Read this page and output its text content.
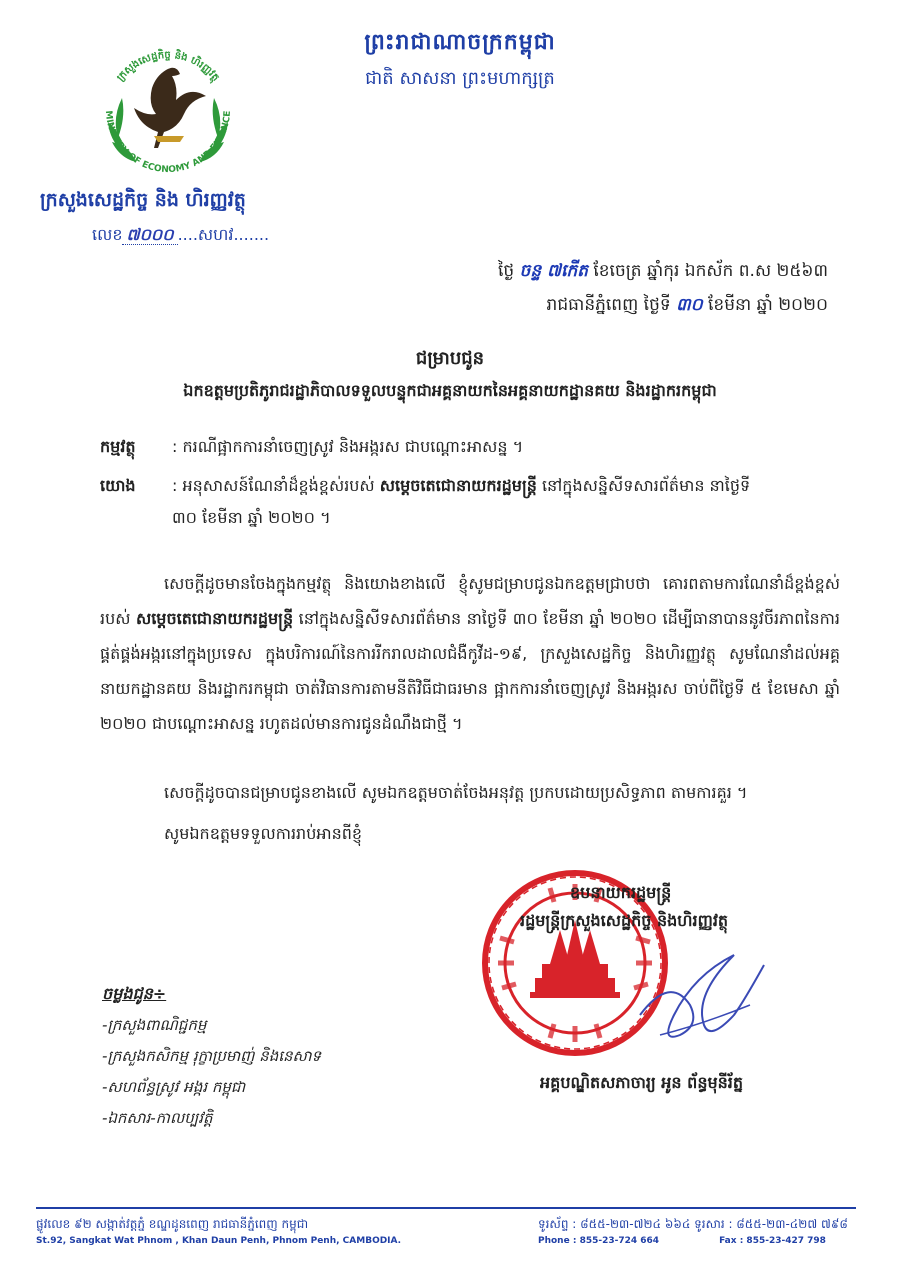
ព្រះរាជាណាចក្រកម្ពុជា
ជាតិ សាសនា ព្រះមហាក្សត្រ
MINISTRY OF ECONOMY AND FINANCE
ក្រសួងសេដ្ឋកិច្ច និង ហិរញ្ញវត្ថុ
ក្រសួងសេដ្ឋកិច្ច និង ហិរញ្ញវត្ថុ
លេខ ៧០០០ ....សហវ.......
ថ្ងៃ ចន្ទ ៧កើត ខែចេត្រ ឆ្នាំកុរ ឯកស័ក ព.ស ២៥៦៣
រាជធានីភ្នំពេញ ថ្ងៃទី ៣០ ខែមីនា ឆ្នាំ ២០២០
ជម្រាបជូន
ឯកឧត្តមប្រតិភូរាជរដ្ឋាភិបាលទទួលបន្ទុកជាអគ្គនាយកនៃអគ្គនាយកដ្ឋានគយ និងរដ្ឋាករកម្ពុជា
កម្មវត្ថុ : ករណីផ្អាកការនាំចេញស្រូវ និងអង្ករស ជាបណ្ដោះអាសន្ន ។
យោង : អនុសាសន៍ណែនាំដ៏ខ្ពង់ខ្ពស់របស់ សម្ដេចតេជោនាយករដ្ឋមន្ត្រី នៅក្នុងសន្និសីទសារព័ត៌មាន នាថ្ងៃទី
៣០ ខែមីនា ឆ្នាំ ២០២០ ។
សេចក្ដីដូចមានចែងក្នុងកម្មវត្ថុ និងយោងខាងលើ ខ្ញុំសូមជម្រាបជូនឯកឧត្តមជ្រាបថា គោរពតាមការណែនាំដ៏ខ្ពង់ខ្ពស់របស់ សម្ដេចតេជោនាយករដ្ឋមន្ត្រី នៅក្នុងសន្និសីទសារព័ត៌មាន នាថ្ងៃទី ៣០ ខែមីនា ឆ្នាំ ២០២០ ដើម្បីធានាបាននូវចីរភាពនៃការផ្គត់ផ្គង់អង្ករនៅក្នុងប្រទេស ក្នុងបរិការណ៍នៃការរីករាលដាលជំងឺកូវីដ-១៩, ក្រសួងសេដ្ឋកិច្ច និងហិរញ្ញវត្ថុ សូមណែនាំដល់អគ្គនាយកដ្ឋានគយ និងរដ្ឋាករកម្ពុជា ចាត់វិធានការតាមនីតិវិធីជាធរមាន ផ្អាកការនាំចេញស្រូវ និងអង្ករស ចាប់ពីថ្ងៃទី ៥ ខែមេសា ឆ្នាំ ២០២០ ជាបណ្ដោះអាសន្ន រហូតដល់មានការជូនដំណឹងជាថ្មី ។
សេចក្ដីដូចបានជម្រាបជូនខាងលើ សូមឯកឧត្តមចាត់ចែងអនុវត្ត ប្រកបដោយប្រសិទ្ធភាព តាមការគួរ ។
សូមឯកឧត្តមទទួលការរាប់អានពីខ្ញុំ
ឧបនាយករដ្ឋមន្ត្រី
រដ្ឋមន្ត្រីក្រសួងសេដ្ឋកិច្ច និងហិរញ្ញវត្ថុ
អគ្គបណ្ឌិតសភាចារ្យ អូន ព័ន្ធមុនីរ័ត្ន
ចម្លងជូន÷
-ក្រសួងពាណិជ្ជកម្ម
-ក្រសួងកសិកម្ម រុក្ខាប្រមាញ់ និងនេសាទ
-សហព័ន្ធស្រូវ អង្ករ កម្ពុជា
-ឯកសារ-កាលប្បវត្តិ
ផ្លូវលេខ ៩២ សង្កាត់វត្តភ្នំ ខណ្ឌដូនពេញ រាជធានីភ្នំពេញ កម្ពុជា
St.92, Sangkat Wat Phnom , Khan Daun Penh, Phnom Penh, CAMBODIA.
ទូរស័ព្ទ : ៨៥៥-២៣-៧២៤ ៦៦៤ ទូរសារ : ៨៥៥-២៣-៤២៧ ៧៩៨
Phone : 855-23-724 664	Fax : 855-23-427 798
